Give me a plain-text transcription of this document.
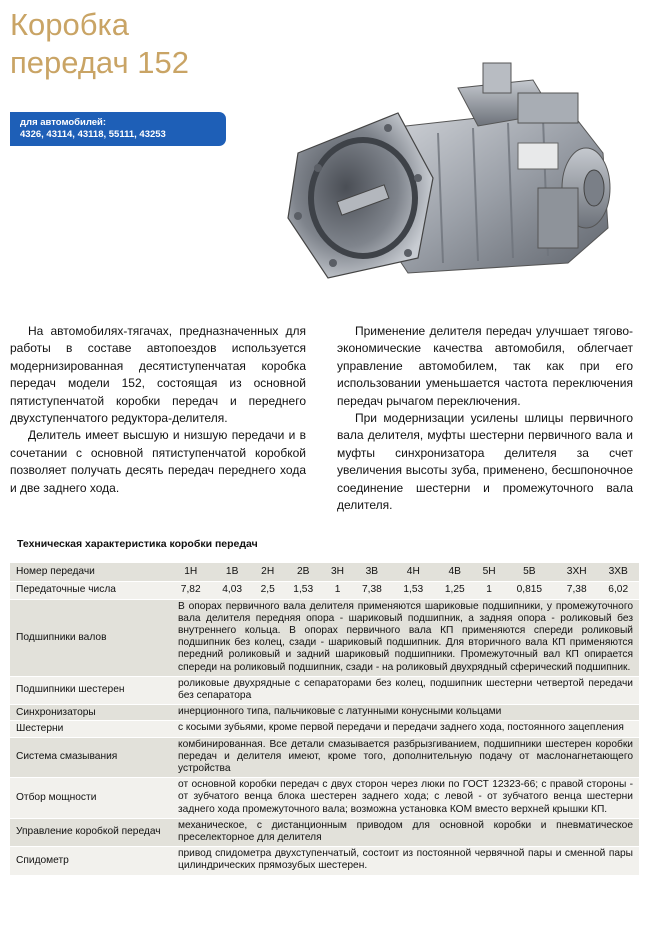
Коробка
передач 152
для автомобилей:
4326, 43114, 43118, 55111, 43253

На автомобилях-тягачах, предназначенных для работы в составе автопоездов используется модернизированная десятиступенчатая коробка передач модели 152, состоящая из основной пятиступенчатой коробки передач и переднего двухступенчатого редуктора-делителя.

Делитель имеет высшую и низшую передачи и в сочетании с основной пятиступенчатой коробкой позволяет получать десять передач переднего хода и две заднего хода.

Применение делителя передач улучшает тягово-экономические качества автомобиля, облегчает управление автомобилем, так как при его использовании уменьшается частота переключения передач рычагом переключения.

При модернизации усилены шлицы первичного вала делителя, муфты шестерни первичного вала и муфты синхронизатора делителя за счет увеличения высоты зуба, применено, бесшпоночное соединение шестерни и промежуточного вала делителя.

Техническая характеристика коробки передач
Номер передачи	1Н	1В	2Н	2В	3Н	3В	4Н	4В	5Н	5В	3ХН	3ХВ
Передаточные числа	7,82	4,03	2,5	1,53	1	7,38	1,53	1,25	1	0,815	7,38	6,02
Подшипники валов	В опорах первичного вала делителя применяются шариковые подшипники, у промежуточного вала делителя передняя опора - шариковый подшипник, а задняя опора - роликовый без внутреннего кольца. В опорах первичного вала КП применяются спереди роликовый подшипник без колец, сзади - шариковый подшипник. Для вторичного вала КП применяются передний роликовый и задний шариковый подшипники. Промежуточный вал КП опирается спереди на роликовый подшипник, сзади - на роликовый двухрядный сферический подшипник.											
Подшипники шестерен	роликовые двухрядные с сепараторами без колец, подшипник шестерни четвертой передачи без сепаратора											
Синхронизаторы	инерционного типа, пальчиковые с латунными конусными кольцами											
Шестерни	с косыми зубьями, кроме первой передачи и передачи заднего хода, постоянного зацепления											
Система смазывания	комбинированная. Все детали смазывается разбрызгиванием, подшипники шестерен коробки передач и делителя имеют, кроме того, дополнительную подачу от маслонагнетающего устройства											
Отбор мощности	от основной коробки передач с двух сторон через люки по ГОСТ 12323-66; с правой стороны - от зубчатого венца блока шестерен заднего хода; с левой - от зубчатого венца шестерни заднего хода промежуточного вала; возможна установка КОМ вместо верхней крышки КП.											
Управление коробкой передач	механическое, с дистанционным приводом для основной коробки и пневматическое преселекторное для делителя											
Спидометр	привод спидометра двухступенчатый, состоит из постоянной червячной пары и сменной пары цилиндрических прямозубых шестерен.											
